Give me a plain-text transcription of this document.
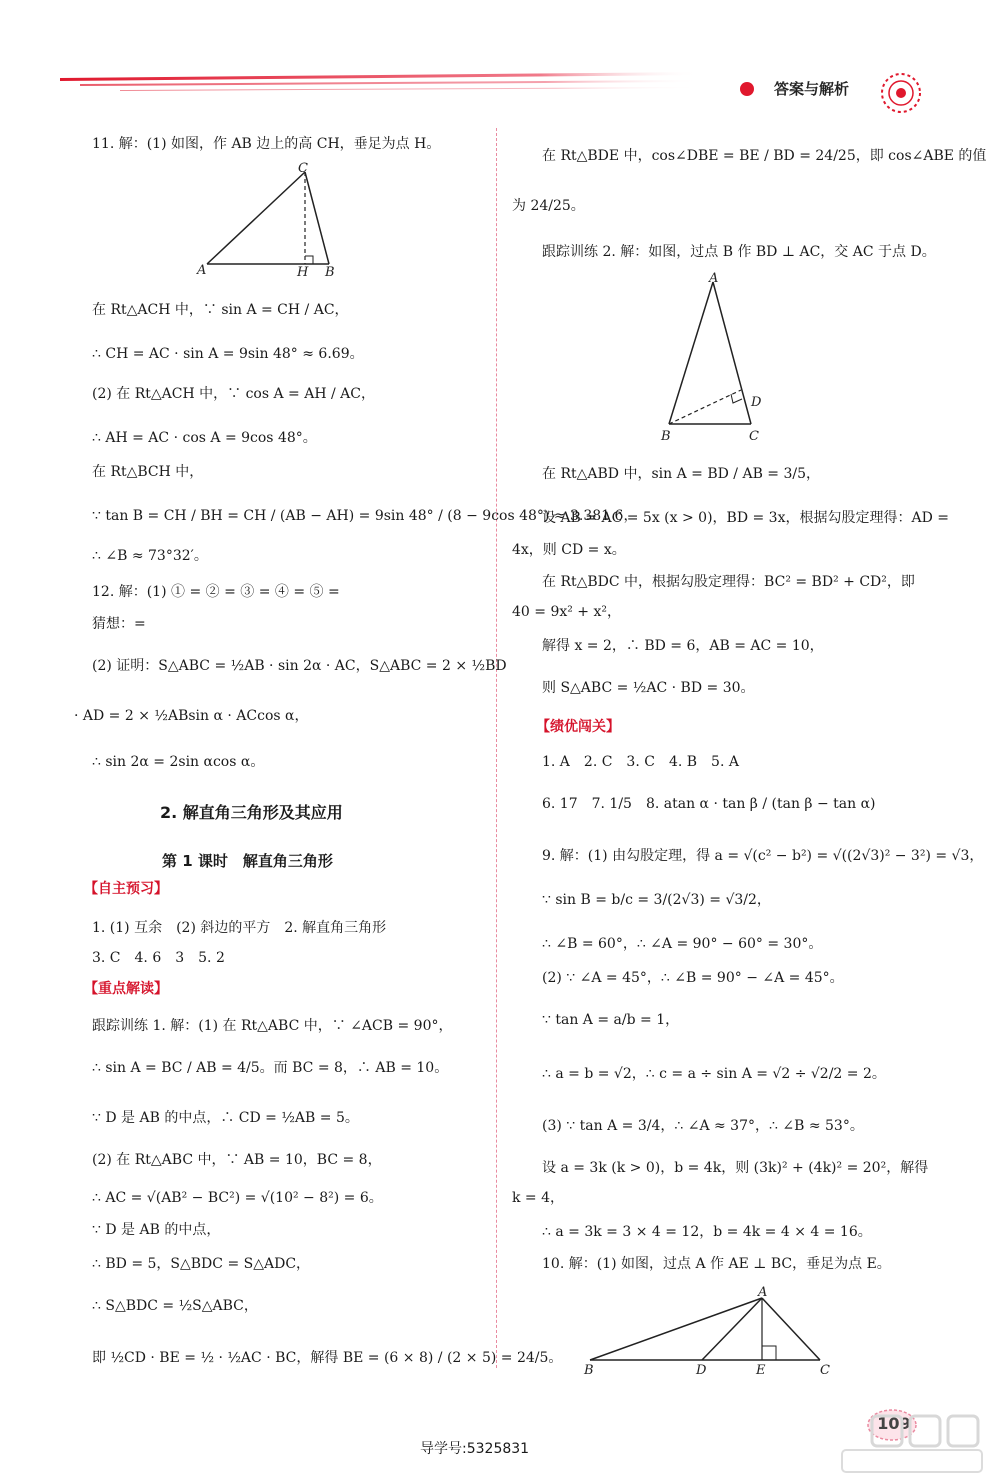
答案与解析
11. 解：(1) 如图，作 AB 边上的高 CH，垂足为点 H。
A	H B
C
在 Rt△ACH 中，∵ sin A = CH / AC，
∴ CH = AC · sin A = 9sin 48° ≈ 6.69。
(2) 在 Rt△ACH 中，∵ cos A = AH / AC，
∴ AH = AC · cos A = 9cos 48°。
在 Rt△BCH 中，
∵ tan B = CH / BH = CH / (AB − AH) = 9sin 48° / (8 − 9cos 48°) ≈ 3.381 6，
∴ ∠B ≈ 73°32′。
12. 解：(1) ① = ② = ③ = ④ = ⑤ =
猜想：=
(2) 证明：S△ABC = ½AB · sin 2α · AC，S△ABC = 2 × ½BD
· AD = 2 × ½ABsin α · ACcos α，
∴ sin 2α = 2sin αcos α。
2. 解直角三角形及其应用
第 1 课时　解直角三角形
【自主预习】
1. (1) 互余　(2) 斜边的平方　2. 解直角三角形
3. C　4. 6　3　5. 2
【重点解读】
跟踪训练 1. 解：(1) 在 Rt△ABC 中，∵ ∠ACB = 90°，
∴ sin A = BC / AB = 4/5。而 BC = 8，∴ AB = 10。
∵ D 是 AB 的中点，∴ CD = ½AB = 5。
(2) 在 Rt△ABC 中，∵ AB = 10，BC = 8，
∴ AC = √(AB² − BC²) = √(10² − 8²) = 6。
∵ D 是 AB 的中点，
∴ BD = 5，S△BDC = S△ADC，
∴ S△BDC = ½S△ABC，
即 ½CD · BE = ½ · ½AC · BC，解得 BE = (6 × 8) / (2 × 5) = 24/5。
在 Rt△BDE 中，cos∠DBE = BE / BD = 24/25，即 cos∠ABE 的值
为 24/25。
跟踪训练 2. 解：如图，过点 B 作 BD ⊥ AC，交 AC 于点 D。
A
B	C
D
在 Rt△ABD 中，sin A = BD / AB = 3/5，
设 AB = AC = 5x (x > 0)，BD = 3x，根据勾股定理得：AD =
4x，则 CD = x。
在 Rt△BDC 中，根据勾股定理得：BC² = BD² + CD²，即
40 = 9x² + x²，
解得 x = 2，∴ BD = 6，AB = AC = 10，
则 S△ABC = ½AC · BD = 30。
【绩优闯关】
1. A　2. C　3. C　4. B　5. A
6. 17　7. 1/5　8. atan α · tan β / (tan β − tan α)
9. 解：(1) 由勾股定理，得 a = √(c² − b²) = √((2√3)² − 3²) = √3，
∵ sin B = b/c = 3/(2√3) = √3/2，
∴ ∠B = 60°，∴ ∠A = 90° − 60° = 30°。
(2) ∵ ∠A = 45°，∴ ∠B = 90° − ∠A = 45°。
∵ tan A = a/b = 1，
∴ a = b = √2，∴ c = a ÷ sin A = √2 ÷ √2/2 = 2。
(3) ∵ tan A = 3/4，∴ ∠A ≈ 37°，∴ ∠B ≈ 53°。
设 a = 3k (k > 0)，b = 4k，则 (3k)² + (4k)² = 20²，解得
k = 4，
∴ a = 3k = 3 × 4 = 12，b = 4k = 4 × 4 = 16。
10. 解：(1) 如图，过点 A 作 AE ⊥ BC，垂足为点 E。
A
B	D	E	C
导学号:5325831
109
